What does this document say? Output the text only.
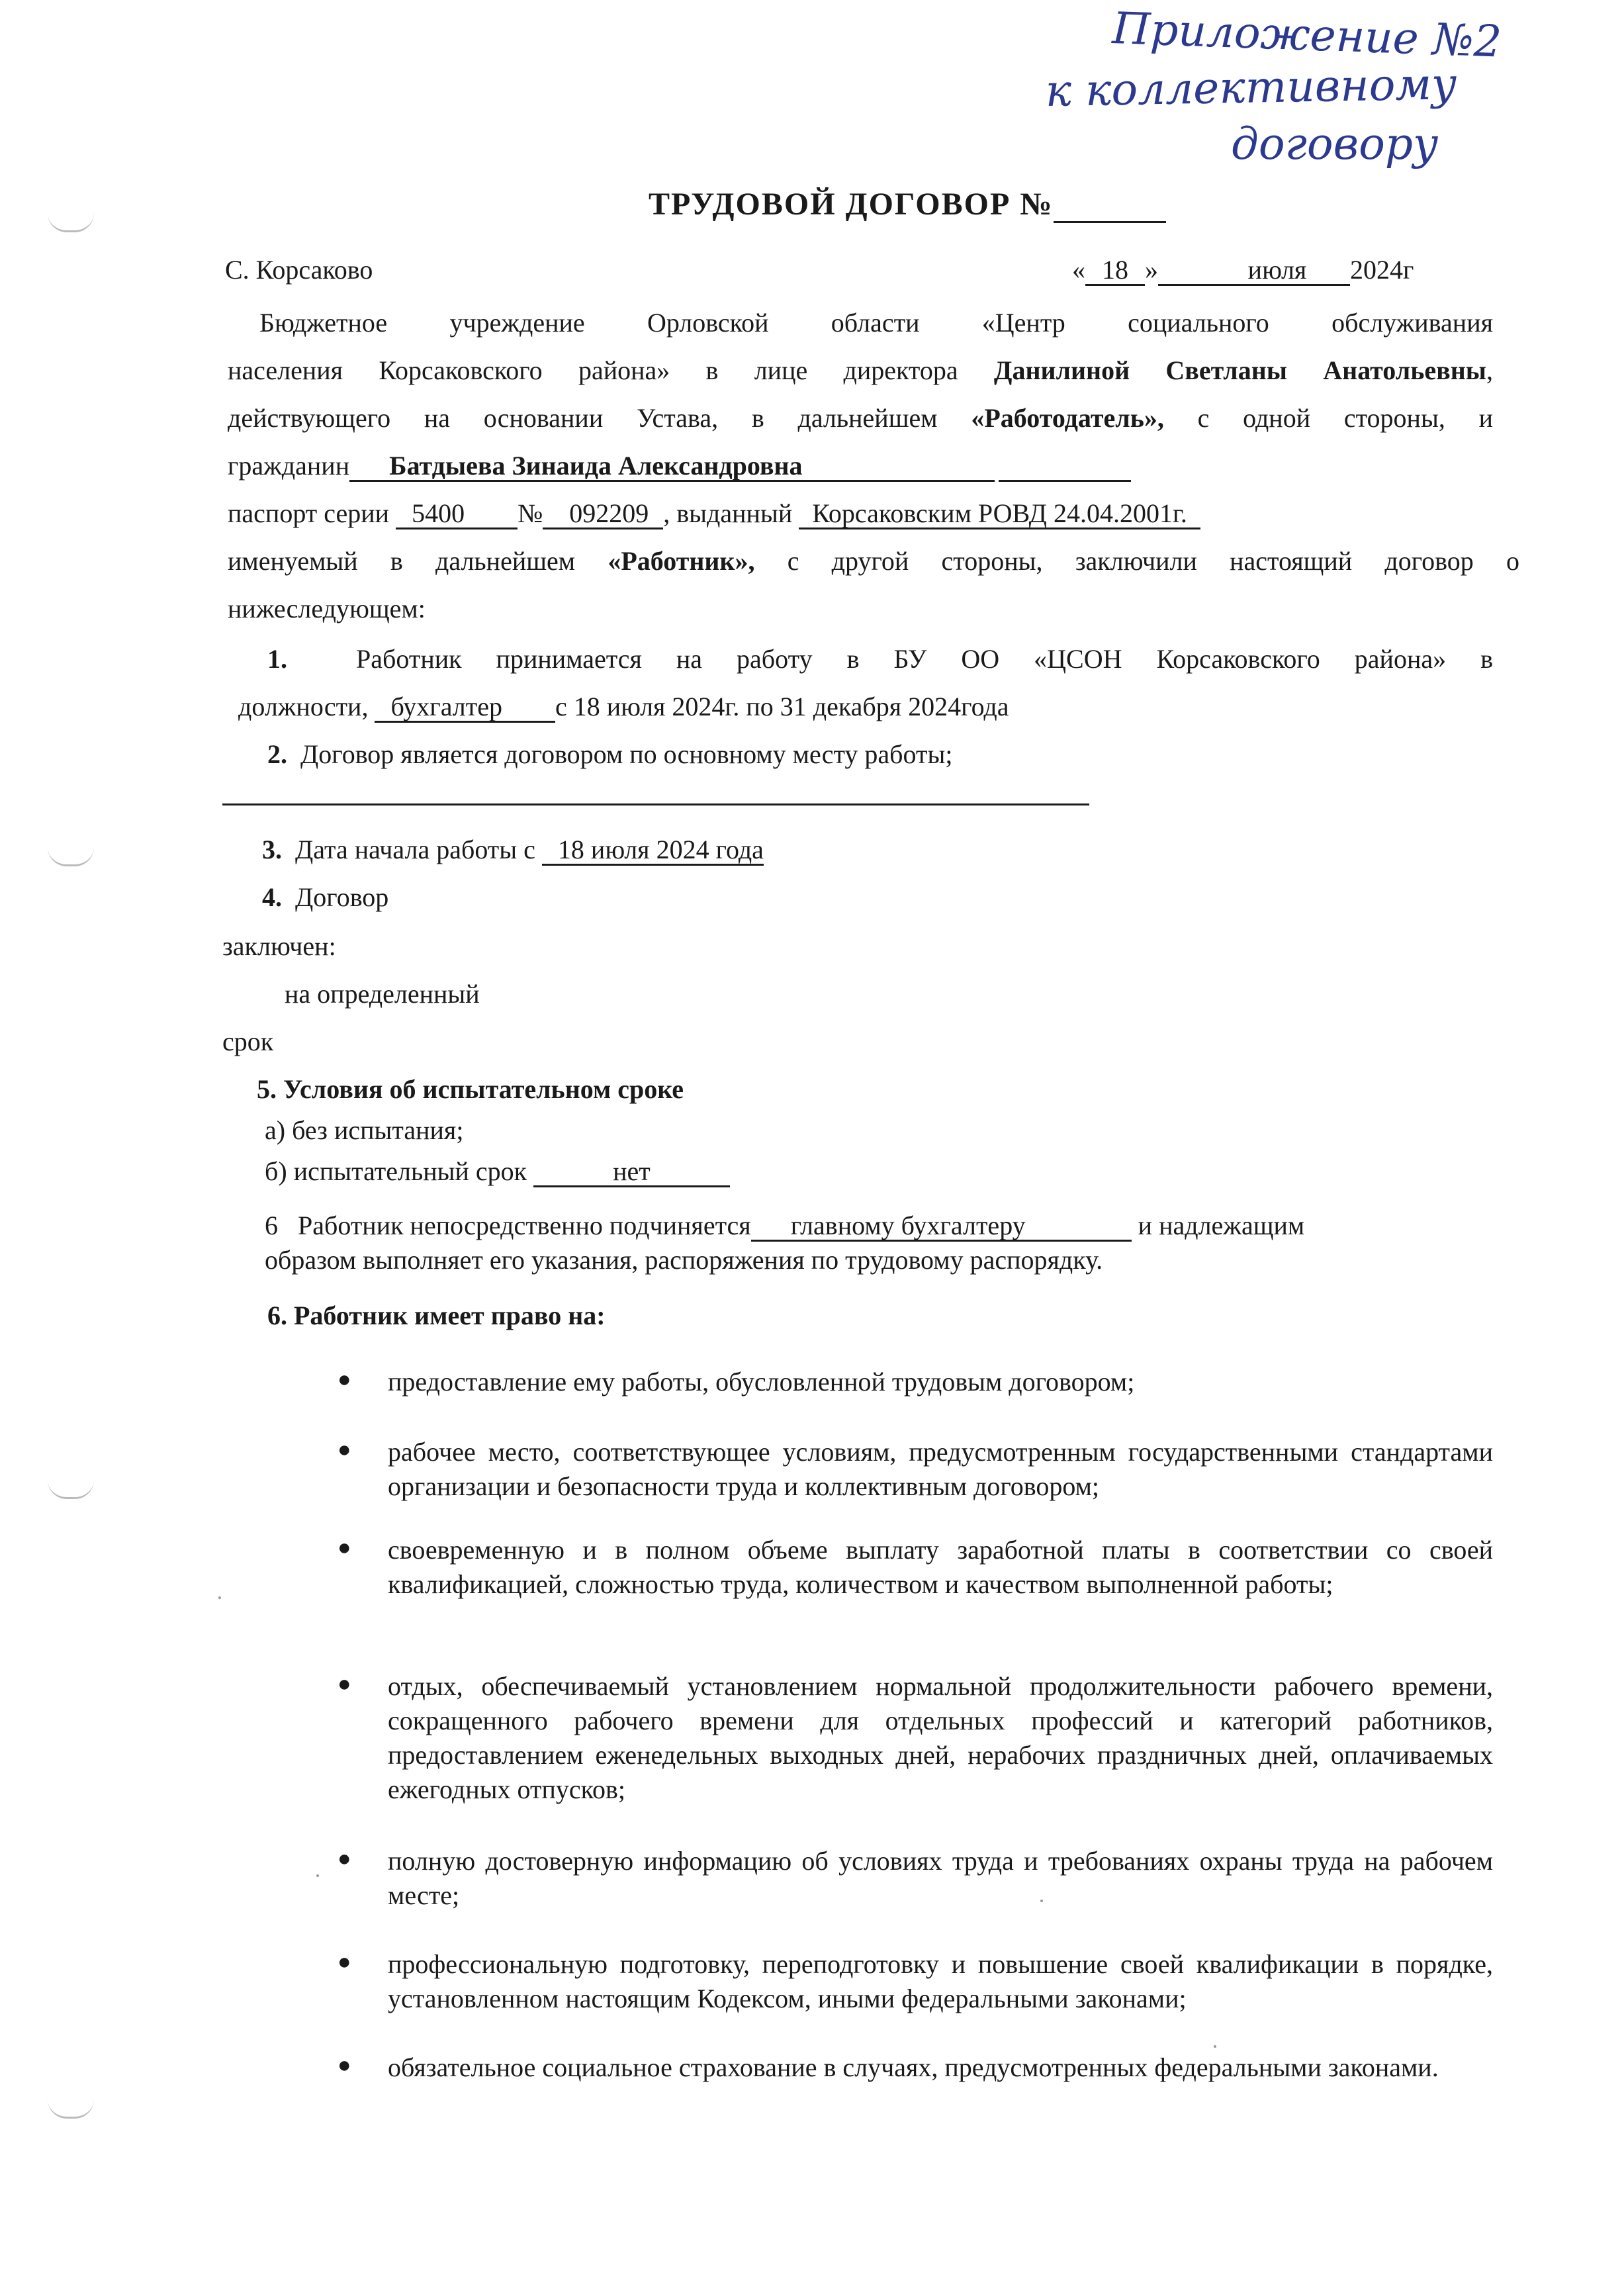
Приложение №2
к коллективному
договору
ТРУДОВОЙ ДОГОВОР №
С. Корсаково	« 18 »	июля 2024г
Бюджетное учреждение Орловской области «Центр социального обслуживания
населения Корсаковского района» в лице директора Данилиной Светланы Анатольевны,
действующего на основании Устава, в дальнейшем «Работодатель», с одной стороны, и
гражданин Батдыева Зинаида Александровна
паспорт серии 5400 № 092209 , выданный Корсаковским РОВД 24.04.2001г.
именуемый в дальнейшем «Работник», с другой стороны, заключили настоящий договор о
нижеследующем:
1.	Работник принимается на работу в БУ ОО «ЦСОН Корсаковского района» в
должности, бухгалтер с 18 июля 2024г. по 31 декабря 2024года
2. Договор является договором по основному месту работы;
3. Дата начала работы с 18 июля 2024 года
4. Договор
заключен:
на определенный
срок
5. Условия об испытательном сроке
а) без испытания;
б) испытательный срок	нет
6 Работник непосредственно подчиняется главному бухгалтеру	и надлежащим
образом выполняет его указания, распоряжения по трудовому распорядку.
6. Работник имеет право на:
● предоставление ему работы, обусловленной трудовым договором;
● рабочее место, соответствующее условиям, предусмотренным государственными стандартами организации и безопасности труда и коллективным договором;
● своевременную и в полном объеме выплату заработной платы в соответствии со своей квалификацией, сложностью труда, количеством и качеством выполненной работы;
● отдых, обеспечиваемый установлением нормальной продолжительности рабочего времени, сокращенного рабочего времени для отдельных профессий и категорий работников, предоставлением еженедельных выходных дней, нерабочих праздничных дней, оплачиваемых ежегодных отпусков;
● полную достоверную информацию об условиях труда и требованиях охраны труда на рабочем месте;
● профессиональную подготовку, переподготовку и повышение своей квалификации в порядке, установленном настоящим Кодексом, иными федеральными законами;
● обязательное социальное страхование в случаях, предусмотренных федеральными законами.
